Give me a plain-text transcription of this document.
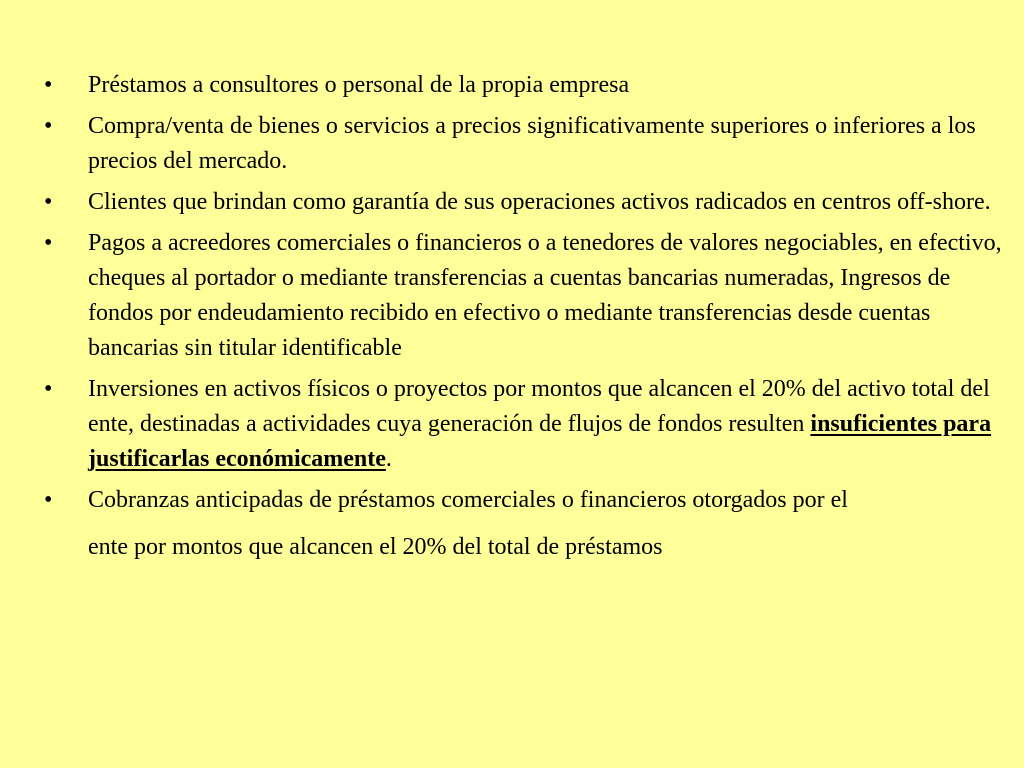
•	Préstamos a consultores o personal de la propia empresa
•	Compra/venta de bienes o servicios a precios significativamente superiores o inferiores a los precios del mercado.
•	Clientes que brindan como garantía de sus operaciones activos radicados en centros off-shore.
•	Pagos a acreedores comerciales o financieros o a tenedores de valores negociables, en efectivo, cheques al portador o mediante transferencias a cuentas bancarias numeradas, Ingresos de fondos por endeudamiento recibido en efectivo o mediante transferencias desde cuentas bancarias sin titular identificable
•	Inversiones en activos físicos o proyectos por montos que alcancen el 20% del activo total del ente, destinadas a actividades cuya generación de flujos de fondos resulten insuficientes para justificarlas económicamente.
•	Cobranzas anticipadas de préstamos comerciales o financieros otorgados por el
ente por montos que alcancen el 20% del total de préstamos
